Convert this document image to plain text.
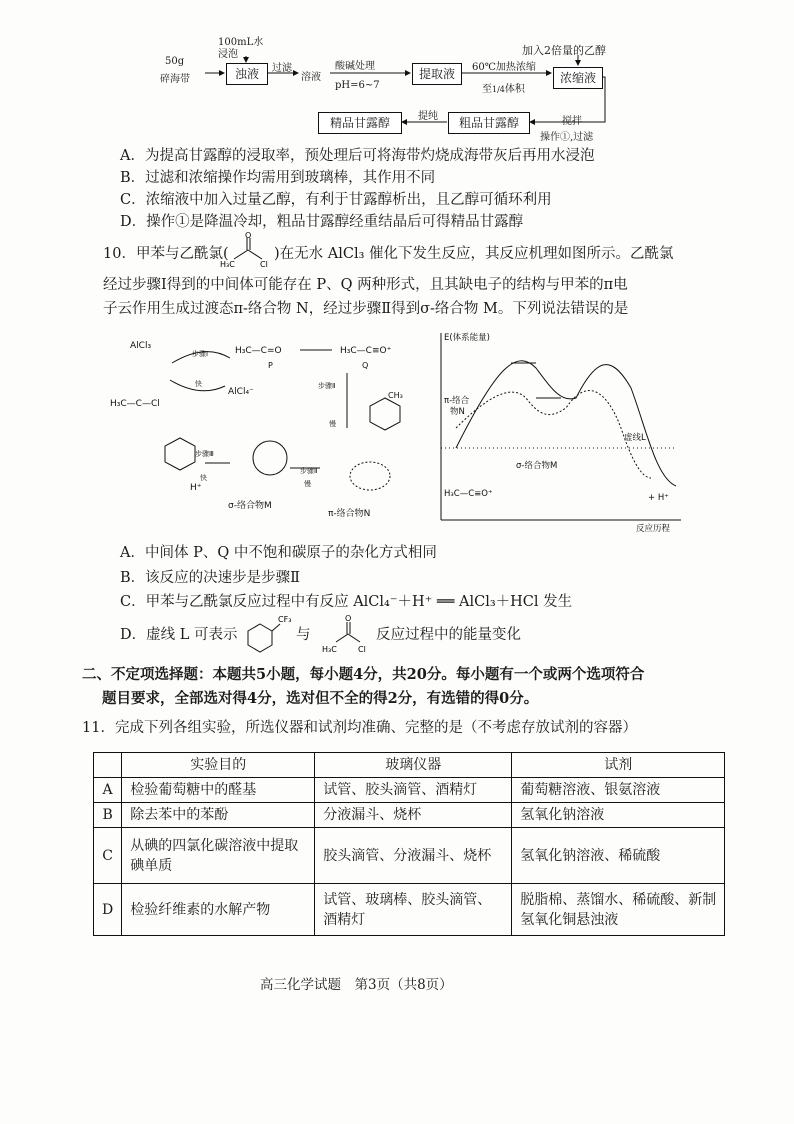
50g
碎海带
100mL水
浸泡
浊液	过滤
溶液
酸碱处理
pH=6~7
提取液	60℃加热浓缩
至1/4体积
加入2倍量的乙醇
浓缩液
搅拌
操作①,过滤
粗品甘露醇
提纯
精品甘露醇
A．为提高甘露醇的浸取率，预处理后可将海带灼烧成海带灰后再用水浸泡
B．过滤和浓缩操作均需用到玻璃棒，其作用不同
C．浓缩液中加入过量乙醇，有利于甘露醇析出，且乙醇可循环利用
D．操作①是降温冷却，粗品甘露醇经重结晶后可得精品甘露醇
10．甲苯与乙酰氯(
O
H₃C	Cl
)在无水 AlCl₃ 催化下发生反应，其反应机理如图所示。乙酰氯
经过步骤Ⅰ得到的中间体可能存在 P、Q 两种形式，且其缺电子的结构与甲苯的π电
子云作用生成过渡态π-络合物 N，经过步骤Ⅱ得到σ-络合物 M。下列说法错误的是
AlCl₃
步骤Ⅰ
快
AlCl₄⁻
H₃C—C=O
P
H₃C—C≡O⁺
Q
H₃C—C—Cl
步骤Ⅱ
慢
CH₃
步骤Ⅲ
快
H⁺
σ-络合物M
π-络合物N
步骤Ⅱ
慢
E(体系能量)
反应历程
π-络合
物N
σ-络合物M
虚线L
H₃C—C≡O⁺	+ H⁺
A．中间体 P、Q 中不饱和碳原子的杂化方式相同
B．该反应的决速步是步骤Ⅱ
C．甲苯与乙酰氯反应过程中有反应 AlCl₄⁻＋H⁺ ══ AlCl₃＋HCl 发生
D．虚线 L 可表示
CF₃
与
O
H₃C	Cl
反应过程中的能量变化
二、不定项选择题：本题共5小题，每小题4分，共20分。每小题有一个或两个选项符合
题目要求，全部选对得4分，选对但不全的得2分，有选错的得0分。
11．完成下列各组实验，所选仪器和试剂均准确、完整的是（不考虑存放试剂的容器）
	实验目的	玻璃仪器	试剂
A	检验葡萄糖中的醛基	试管、胶头滴管、酒精灯	葡萄糖溶液、银氨溶液
B	除去苯中的苯酚	分液漏斗、烧杯	氢氧化钠溶液
C	从碘的四氯化碳溶液中提取碘单质	胶头滴管、分液漏斗、烧杯	氢氧化钠溶液、稀硫酸
D	检验纤维素的水解产物	试管、玻璃棒、胶头滴管、酒精灯	脱脂棉、蒸馏水、稀硫酸、新制氢氧化铜悬浊液
高三化学试题　第3页（共8页）
